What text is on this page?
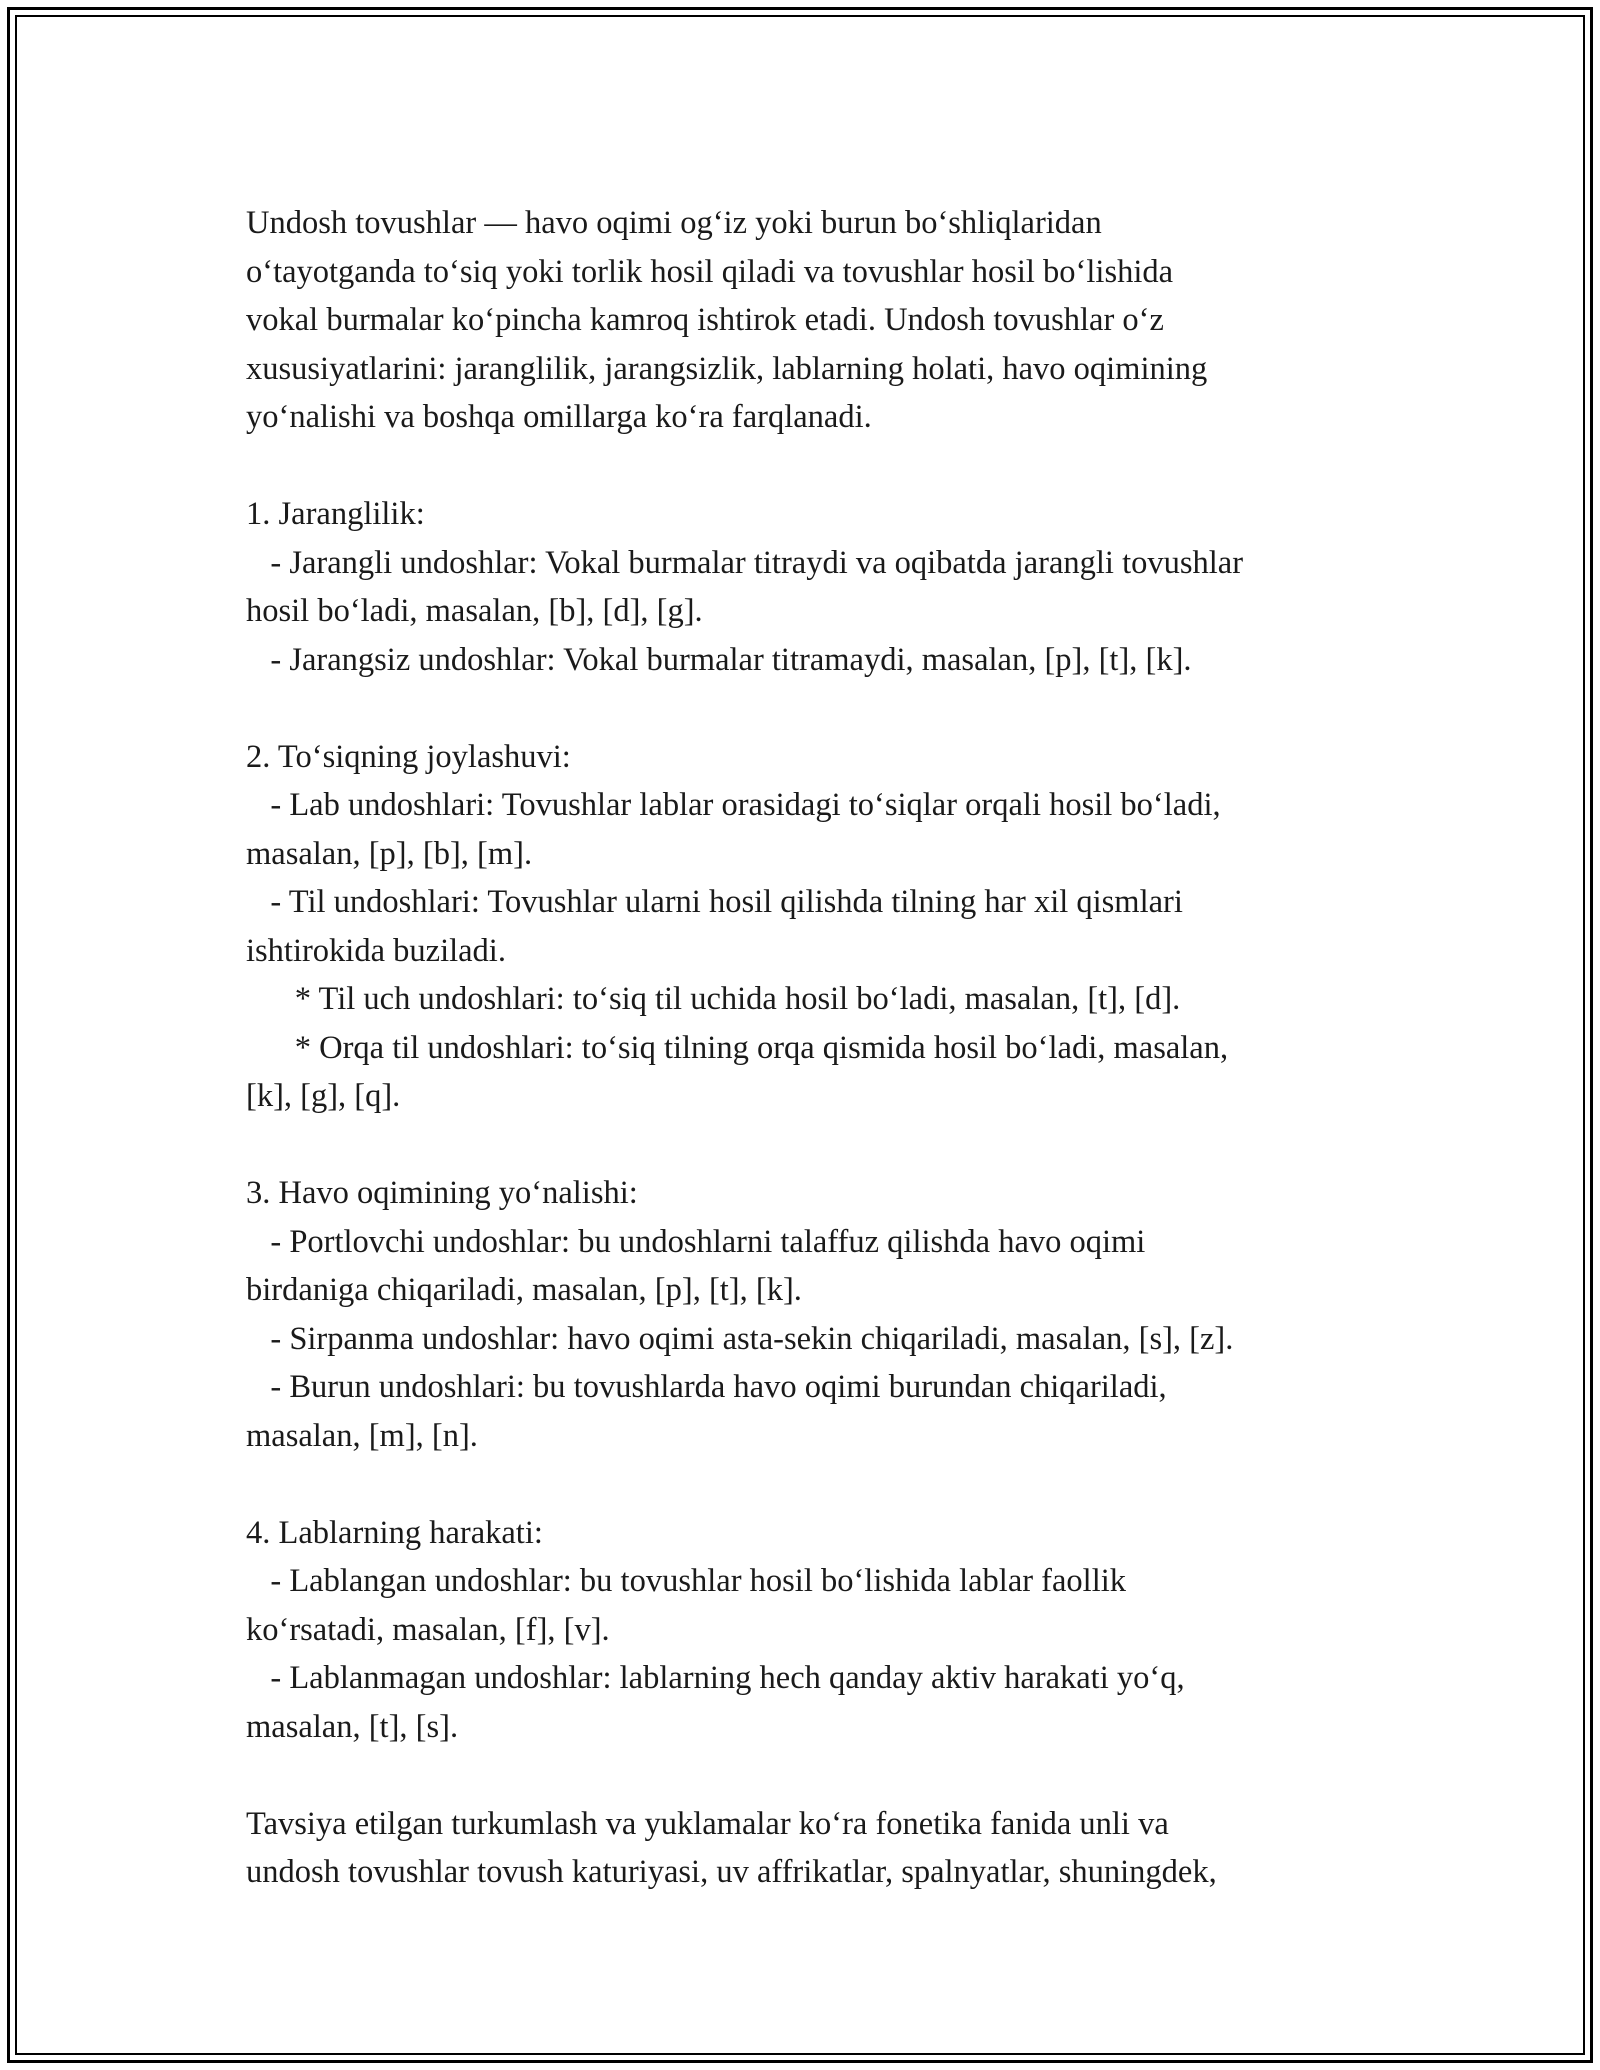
Undosh tovushlar — havo oqimi og‘iz yoki burun bo‘shliqlaridan
o‘tayotganda to‘siq yoki torlik hosil qiladi va tovushlar hosil bo‘lishida
vokal burmalar ko‘pincha kamroq ishtirok etadi. Undosh tovushlar o‘z
xususiyatlarini: jaranglilik, jarangsizlik, lablarning holati, havo oqimining
yo‘nalishi va boshqa omillarga ko‘ra farqlanadi.
1. Jaranglilik:
- Jarangli undoshlar: Vokal burmalar titraydi va oqibatda jarangli tovushlar
hosil bo‘ladi, masalan, [b], [d], [g].
- Jarangsiz undoshlar: Vokal burmalar titramaydi, masalan, [p], [t], [k].
2. To‘siqning joylashuvi:
- Lab undoshlari: Tovushlar lablar orasidagi to‘siqlar orqali hosil bo‘ladi,
masalan, [p], [b], [m].
- Til undoshlari: Tovushlar ularni hosil qilishda tilning har xil qismlari
ishtirokida buziladi.
* Til uch undoshlari: to‘siq til uchida hosil bo‘ladi, masalan, [t], [d].
* Orqa til undoshlari: to‘siq tilning orqa qismida hosil bo‘ladi, masalan,
[k], [g], [q].
3. Havo oqimining yo‘nalishi:
- Portlovchi undoshlar: bu undoshlarni talaffuz qilishda havo oqimi
birdaniga chiqariladi, masalan, [p], [t], [k].
- Sirpanma undoshlar: havo oqimi asta-sekin chiqariladi, masalan, [s], [z].
- Burun undoshlari: bu tovushlarda havo oqimi burundan chiqariladi,
masalan, [m], [n].
4. Lablarning harakati:
- Lablangan undoshlar: bu tovushlar hosil bo‘lishida lablar faollik
ko‘rsatadi, masalan, [f], [v].
- Lablanmagan undoshlar: lablarning hech qanday aktiv harakati yo‘q,
masalan, [t], [s].
Tavsiya etilgan turkumlash va yuklamalar ko‘ra fonetika fanida unli va
undosh tovushlar tovush katuriyasi, uv affrikatlar, spalnyatlar, shuningdek,
